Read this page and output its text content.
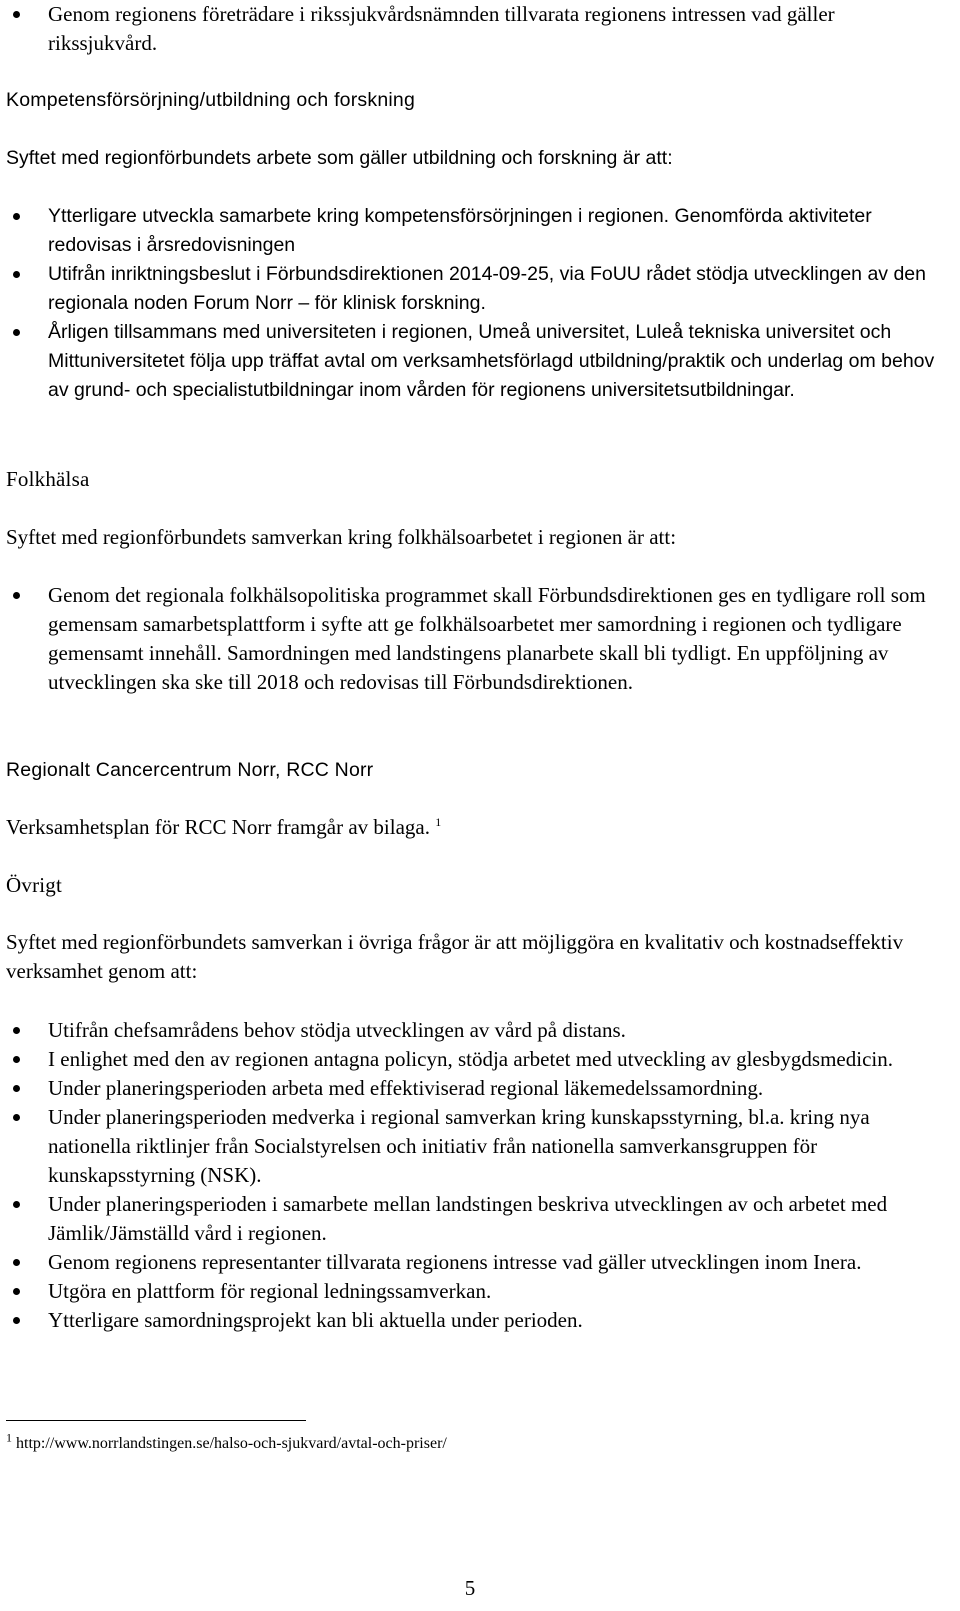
Genom regionens företrädare i rikssjukvårdsnämnden tillvarata regionens intressen vad gäller rikssjukvård.
Kompetensförsörjning/utbildning och forskning
Syftet med regionförbundets arbete som gäller utbildning och forskning är att:
Ytterligare utveckla samarbete kring kompetensförsörjningen i regionen. Genomförda aktiviteter redovisas i årsredovisningen
Utifrån inriktningsbeslut i Förbundsdirektionen 2014-09-25, via FoUU rådet stödja utvecklingen av den regionala noden Forum Norr – för klinisk forskning.
Årligen tillsammans med universiteten i regionen, Umeå universitet, Luleå tekniska universitet och Mittuniversitetet följa upp träffat avtal om verksamhetsförlagd utbildning/praktik och underlag om behov av grund- och specialistutbildningar inom vården för regionens universitetsutbildningar.
Folkhälsa
Syftet med regionförbundets samverkan kring folkhälsoarbetet i regionen är att:
Genom det regionala folkhälsopolitiska programmet skall Förbundsdirektionen ges en tydligare roll som gemensam samarbetsplattform i syfte att ge folkhälsoarbetet mer samordning i regionen och tydligare gemensamt innehåll. Samordningen med landstingens planarbete skall bli tydligt. En uppföljning av utvecklingen ska ske till 2018 och redovisas till Förbundsdirektionen.
Regionalt Cancercentrum Norr, RCC Norr

Verksamhetsplan för RCC Norr framgår av bilaga. $^1$

Övrigt
Syftet med regionförbundets samverkan i övriga frågor är att möjliggöra en kvalitativ och kostnadseffektiv verksamhet genom att:
Utifrån chefsamrådens behov stödja utvecklingen av vård på distans.
I enlighet med den av regionen antagna policyn, stödja arbetet med utveckling av glesbygdsmedicin.
Under planeringsperioden arbeta med effektiviserad regional läkemedelssamordning.
Under planeringsperioden medverka i regional samverkan kring kunskapsstyrning, bl.a. kring nya nationella riktlinjer från Socialstyrelsen och initiativ från nationella samverkansgruppen för kunskapsstyrning (NSK).
Under planeringsperioden i samarbete mellan landstingen beskriva utvecklingen av och arbetet med Jämlik/Jämställd vård i regionen.
Genom regionens representanter tillvarata regionens intresse vad gäller utvecklingen inom Inera.
Utgöra en plattform för regional ledningssamverkan.
Ytterligare samordningsprojekt kan bli aktuella under perioden.
$^1$ http://www.norrlandstingen.se/halso-och-sjukvard/avtal-och-priser/
5
